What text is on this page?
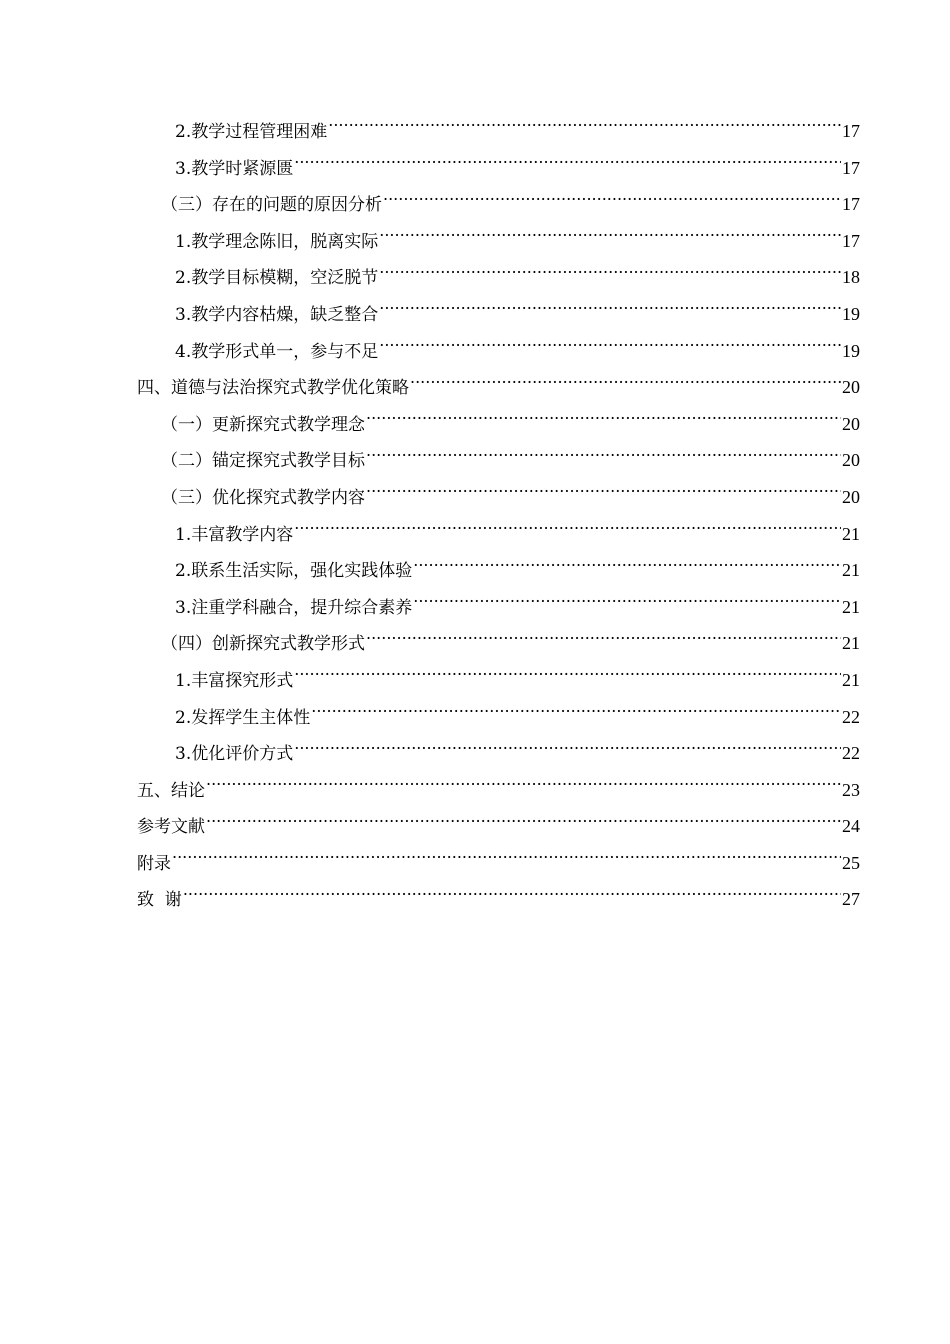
2.教学过程管理困难 .....	17
3.教学时紧源匮 .....	17
（三）存在的问题的原因分析 .....	17
1.教学理念陈旧，脱离实际 .....	17
2.教学目标模糊，空泛脱节 .....	18
3.教学内容枯燥，缺乏整合 .....	19
4.教学形式单一，参与不足 .....	19
四、道德与法治探究式教学优化策略 .....	20
（一）更新探究式教学理念 .....	20
（二）锚定探究式教学目标 .....	20
（三）优化探究式教学内容 .....	20
1.丰富教学内容 .....	21
2.联系生活实际，强化实践体验 .....	21
3.注重学科融合，提升综合素养 .....	21
（四）创新探究式教学形式 .....	21
1.丰富探究形式 .....	21
2.发挥学生主体性 .....	22
3.优化评价方式 .....	22
五、结论 .....	23
参考文献 .....	24
附录 .....	25
致  谢 .....	27
